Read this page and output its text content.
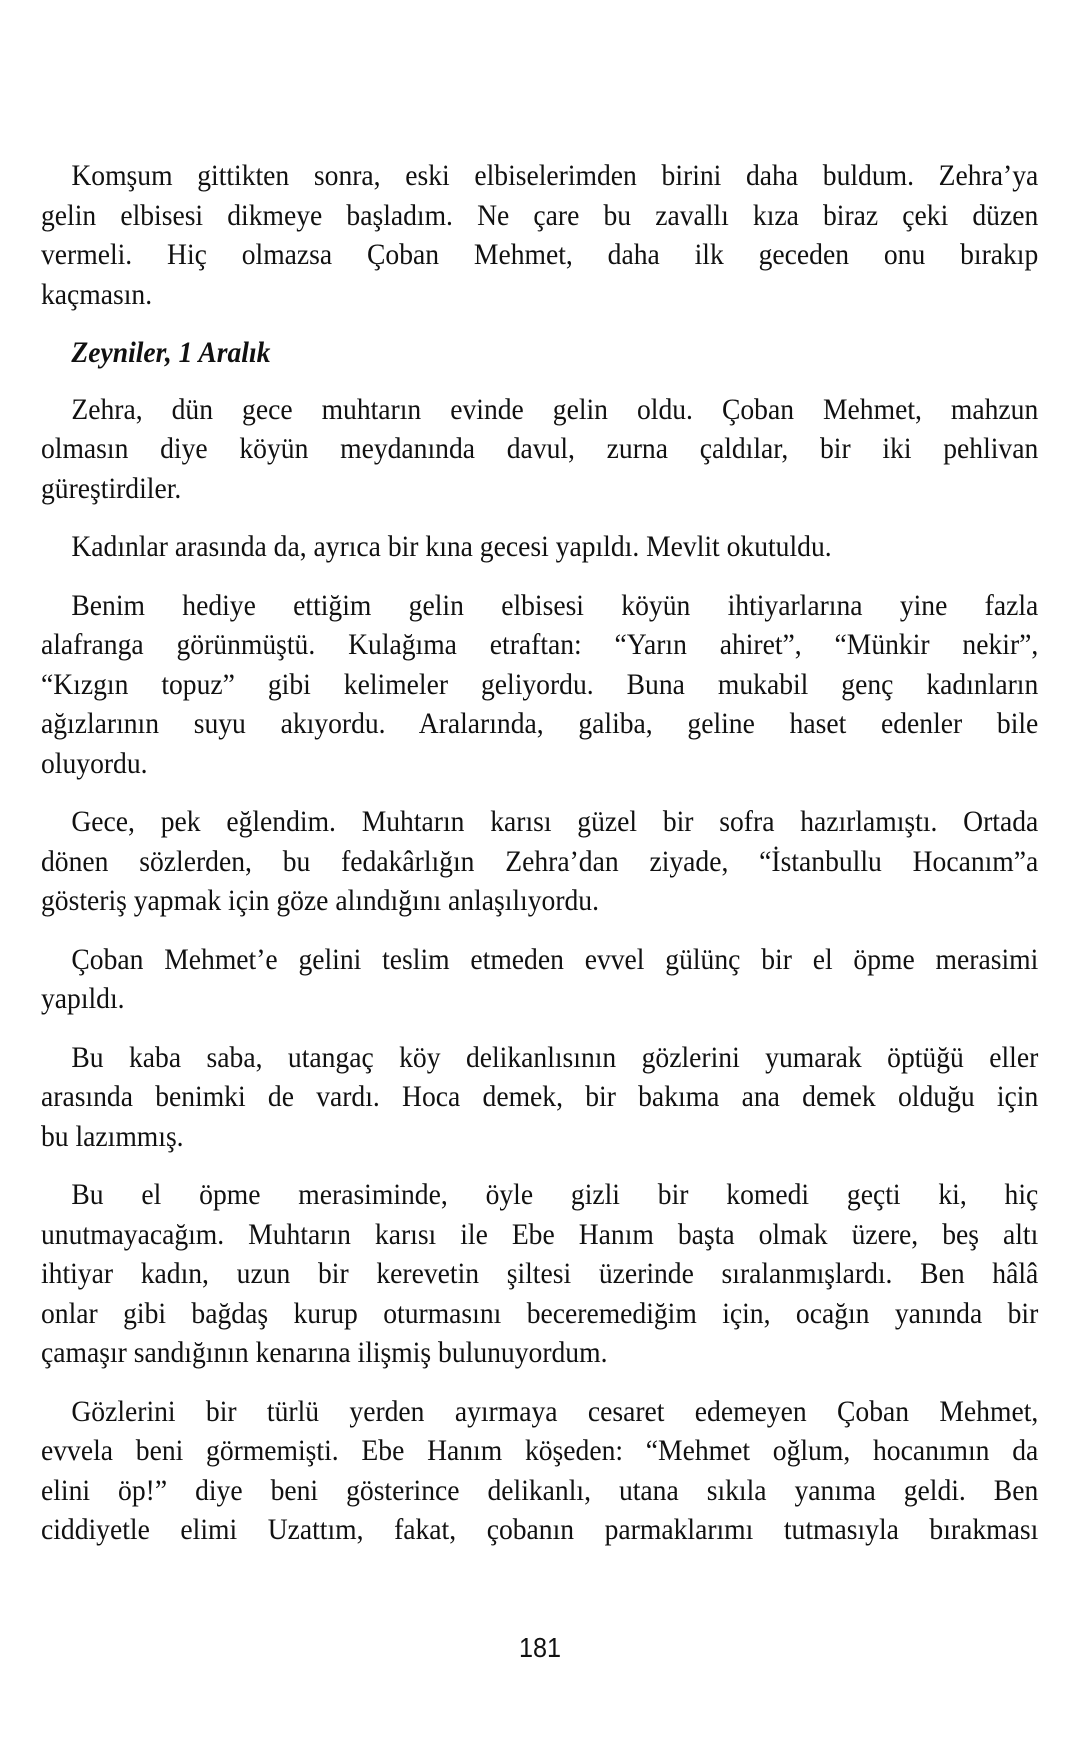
Komşum gittikten sonra, eski elbiselerimden birini daha buldum. Zehra’ya
gelin elbisesi dikmeye başladım. Ne çare bu zavallı kıza biraz çeki düzen
vermeli. Hiç olmazsa Çoban Mehmet, daha ilk geceden onu bırakıp
kaçmasın.
Zeyniler, 1 Aralık
Zehra, dün gece muhtarın evinde gelin oldu. Çoban Mehmet, mahzun
olmasın diye köyün meydanında davul, zurna çaldılar, bir iki pehlivan
güreştirdiler.
Kadınlar arasında da, ayrıca bir kına gecesi yapıldı. Mevlit okutuldu.
Benim hediye ettiğim gelin elbisesi köyün ihtiyarlarına yine fazla
alafranga görünmüştü. Kulağıma etraftan: “Yarın ahiret”, “Münkir nekir”,
“Kızgın topuz” gibi kelimeler geliyordu. Buna mukabil genç kadınların
ağızlarının suyu akıyordu. Aralarında, galiba, geline haset edenler bile
oluyordu.
Gece, pek eğlendim. Muhtarın karısı güzel bir sofra hazırlamıştı. Ortada
dönen sözlerden, bu fedakârlığın Zehra’dan ziyade, “İstanbullu Hocanım”a
gösteriş yapmak için göze alındığını anlaşılıyordu.
Çoban Mehmet’e gelini teslim etmeden evvel gülünç bir el öpme merasimi
yapıldı.
Bu kaba saba, utangaç köy delikanlısının gözlerini yumarak öptüğü eller
arasında benimki de vardı. Hoca demek, bir bakıma ana demek olduğu için
bu lazımmış.
Bu el öpme merasiminde, öyle gizli bir komedi geçti ki, hiç
unutmayacağım. Muhtarın karısı ile Ebe Hanım başta olmak üzere, beş altı
ihtiyar kadın, uzun bir kerevetin şiltesi üzerinde sıralanmışlardı. Ben hâlâ
onlar gibi bağdaş kurup oturmasını beceremediğim için, ocağın yanında bir
çamaşır sandığının kenarına ilişmiş bulunuyordum.
Gözlerini bir türlü yerden ayırmaya cesaret edemeyen Çoban Mehmet,
evvela beni görmemişti. Ebe Hanım köşeden: “Mehmet oğlum, hocanımın da
elini öp!” diye beni gösterince delikanlı, utana sıkıla yanıma geldi. Ben
ciddiyetle elimi Uzattım, fakat, çobanın parmaklarımı tutmasıyla bırakması
181
